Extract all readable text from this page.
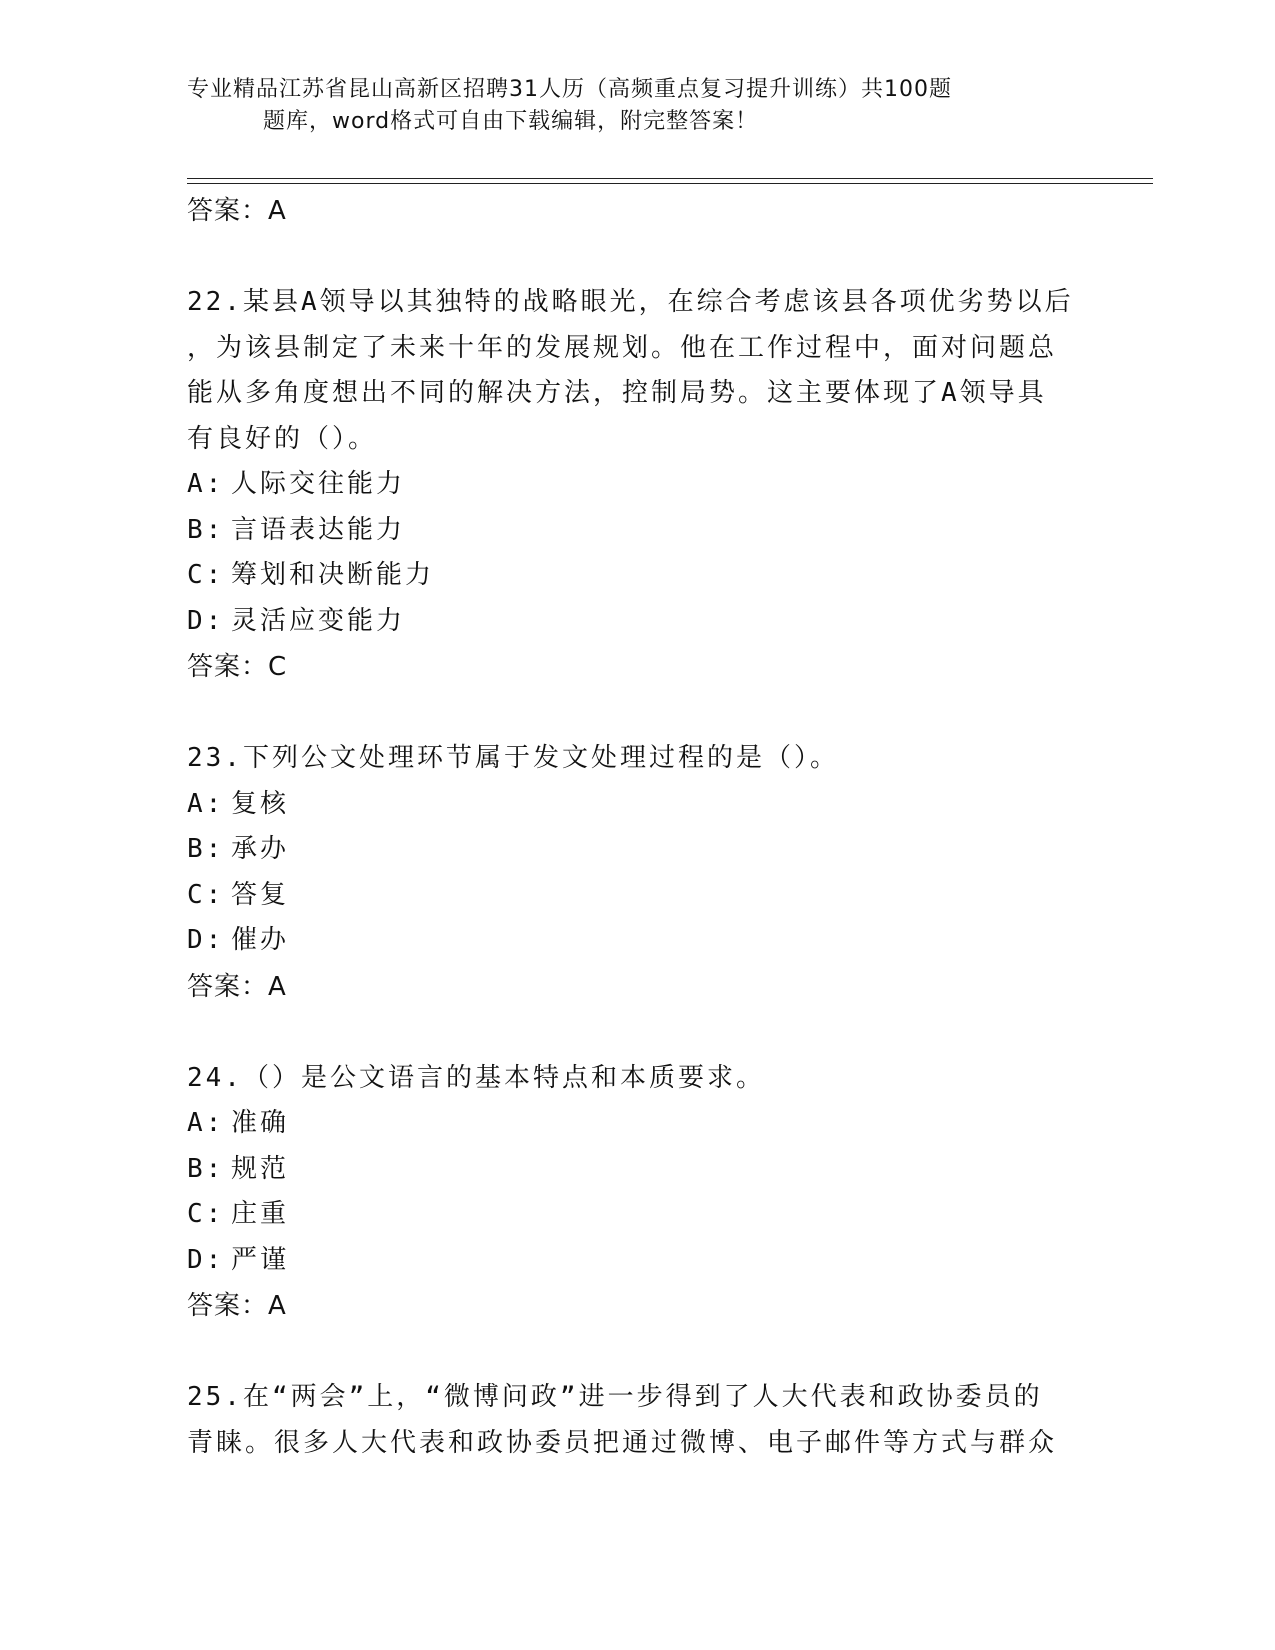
专业精品江苏省昆山高新区招聘31人历（高频重点复习提升训练）共100题
题库，word格式可自由下载编辑，附完整答案！
答案：A
22.某县A领导以其独特的战略眼光，在综合考虑该县各项优劣势以后
，为该县制定了未来十年的发展规划。他在工作过程中，面对问题总
能从多角度想出不同的解决方法，控制局势。这主要体现了A领导具
有良好的（）。
A: 人际交往能力
B: 言语表达能力
C: 筹划和决断能力
D: 灵活应变能力
答案：C
23.下列公文处理环节属于发文处理过程的是（）。
A: 复核
B: 承办
C: 答复
D: 催办
答案：A
24.（）是公文语言的基本特点和本质要求。
A: 准确
B: 规范
C: 庄重
D: 严谨
答案：A
25.在“两会”上，“微博问政”进一步得到了人大代表和政协委员的
青睐。很多人大代表和政协委员把通过微博、电子邮件等方式与群众
